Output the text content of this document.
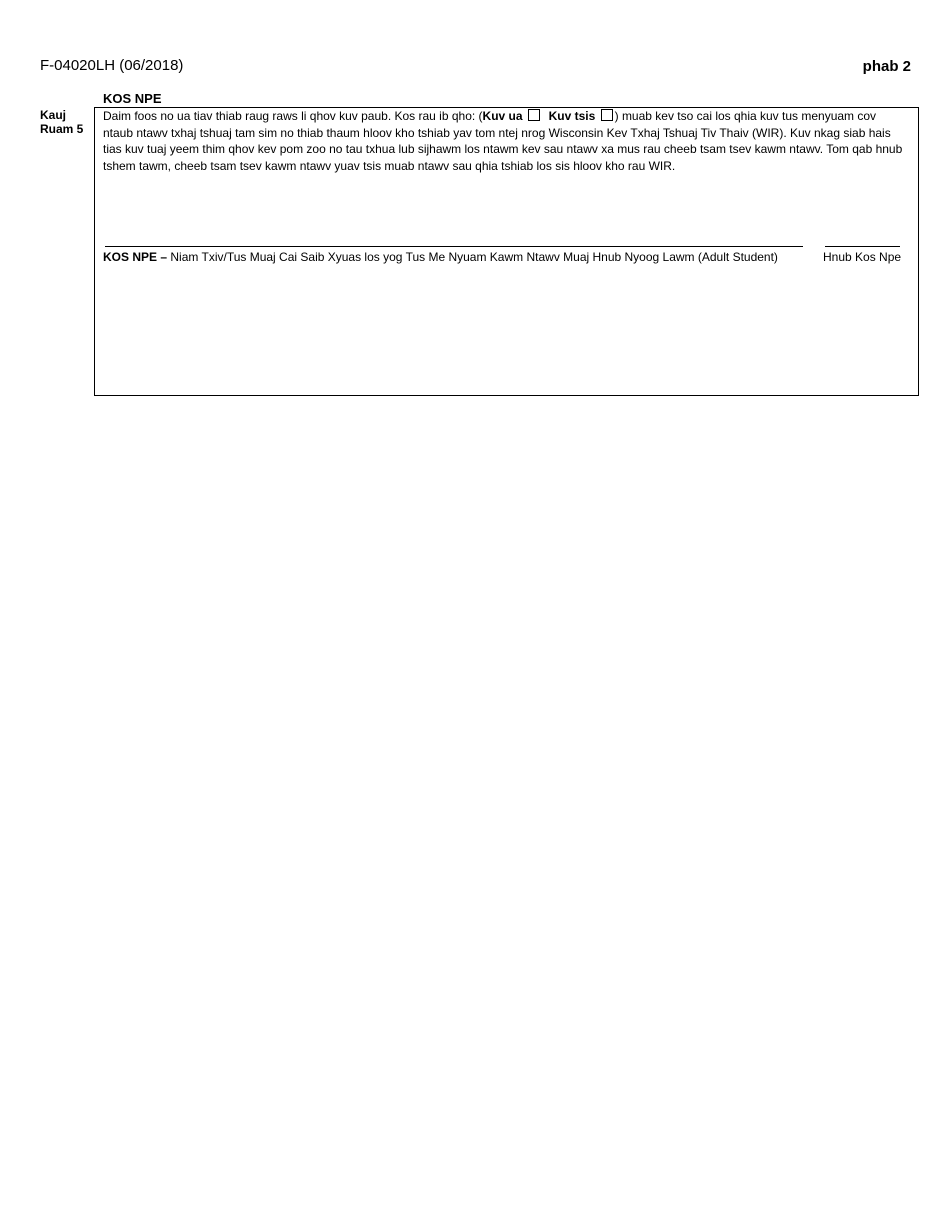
F-04020LH (06/2018)	phab 2
Kauj
Ruam 5
KOS NPE
Daim foos no ua tiav thiab raug raws li qhov kuv paub. Kos rau ib qho: (Kuv ua Kuv tsis ) muab kev tso cai los qhia kuv tus menyuam cov ntaub ntawv txhaj tshuaj tam sim no thiab thaum hloov kho tshiab yav tom ntej nrog Wisconsin Kev Txhaj Tshuaj Tiv Thaiv (WIR). Kuv nkag siab hais tias kuv tuaj yeem thim qhov kev pom zoo no tau txhua lub sijhawm los ntawm kev sau ntawv xa mus rau cheeb tsam tsev kawm ntawv. Tom qab hnub tshem tawm, cheeb tsam tsev kawm ntawv yuav tsis muab ntawv sau qhia tshiab los sis hloov kho rau WIR.
KOS NPE – Niam Txiv/Tus Muaj Cai Saib Xyuas los yog Tus Me Nyuam Kawm Ntawv Muaj Hnub Nyoog Lawm (Adult Student)	Hnub Kos Npe
